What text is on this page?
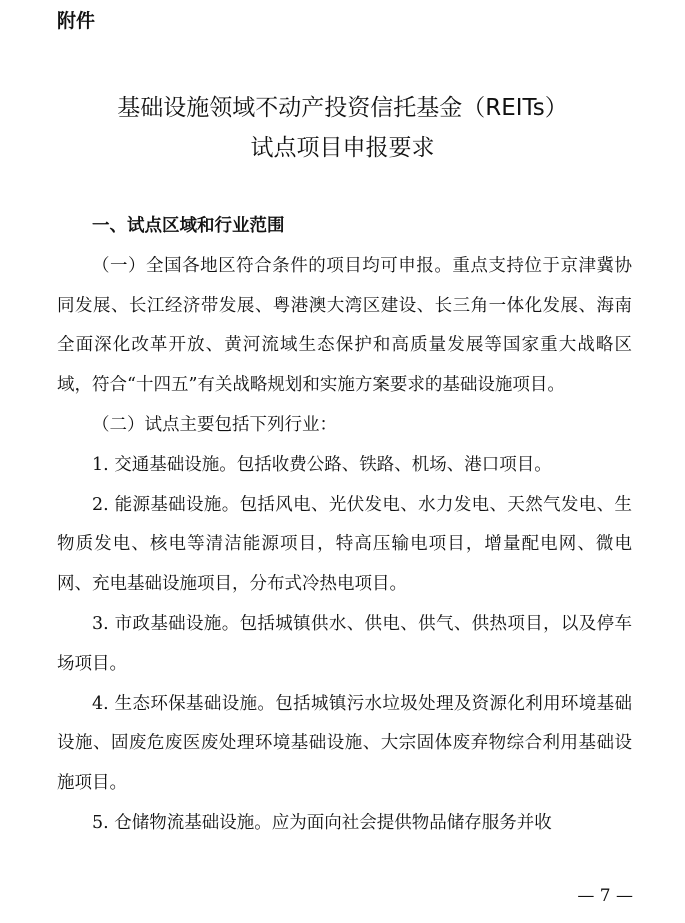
附件
基础设施领域不动产投资信托基金（REITs）
试点项目申报要求

一、试点区域和行业范围

（一）全国各地区符合条件的项目均可申报。重点支持位于京津冀协同发展、长江经济带发展、粤港澳大湾区建设、长三角一体化发展、海南全面深化改革开放、黄河流域生态保护和高质量发展等国家重大战略区域，符合“十四五”有关战略规划和实施方案要求的基础设施项目。

（二）试点主要包括下列行业：

1. 交通基础设施。包括收费公路、铁路、机场、港口项目。

2. 能源基础设施。包括风电、光伏发电、水力发电、天然气发电、生物质发电、核电等清洁能源项目，特高压输电项目，增量配电网、微电网、充电基础设施项目，分布式冷热电项目。

3. 市政基础设施。包括城镇供水、供电、供气、供热项目，以及停车场项目。

4. 生态环保基础设施。包括城镇污水垃圾处理及资源化利用环境基础设施、固废危废医废处理环境基础设施、大宗固体废弃物综合利用基础设施项目。

5. 仓储物流基础设施。应为面向社会提供物品储存服务并收

— 7 —
